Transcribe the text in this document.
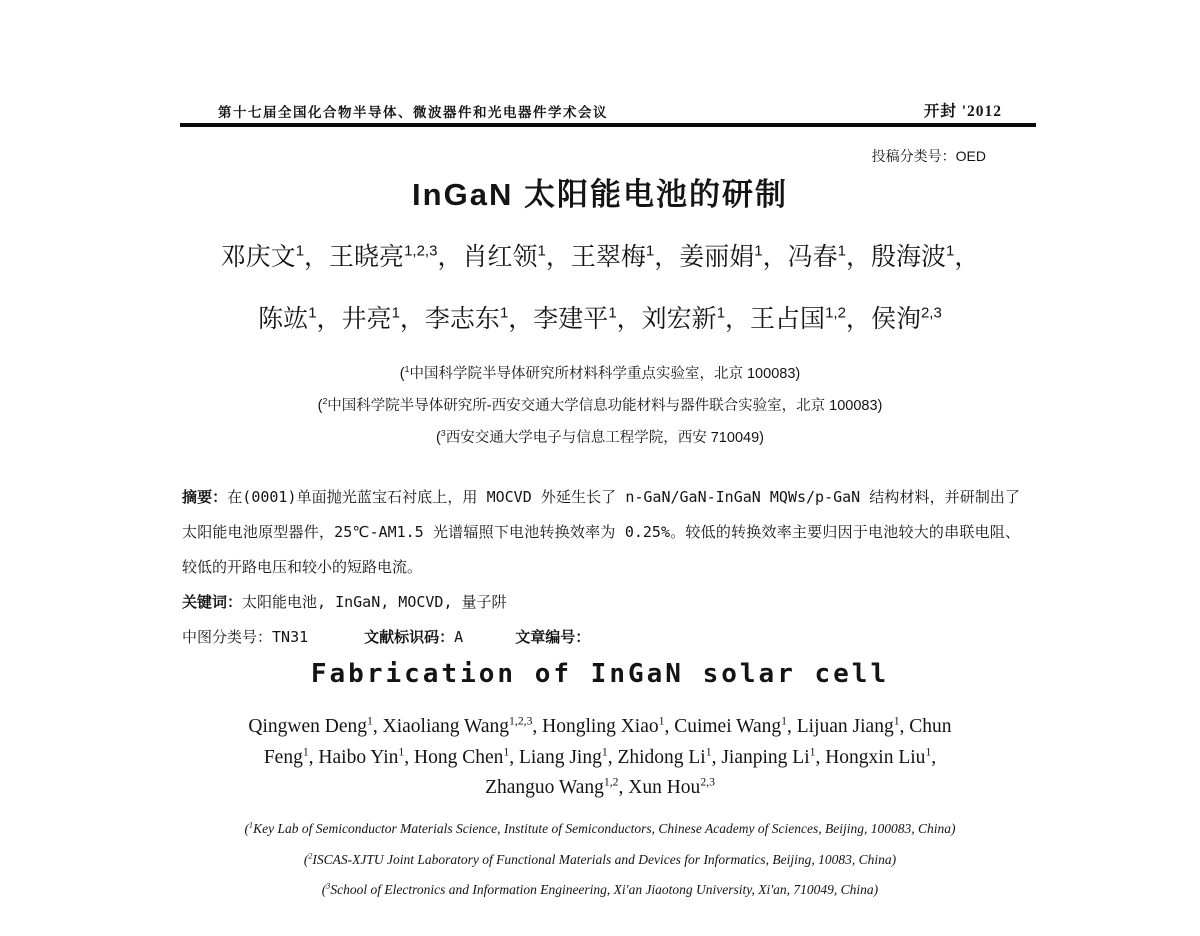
第十七届全国化合物半导体、微波器件和光电器件学术会议	开封 '2012
投稿分类号：OED
InGaN 太阳能电池的研制
邓庆文$^1$，王晓亮$^{1,2,3}$，肖红领$^1$，王翠梅$^1$，姜丽娟$^1$，冯春$^1$，殷海波$^1$，
陈竑$^1$，井亮$^1$，李志东$^1$，李建平$^1$，刘宏新$^1$，王占国$^{1,2}$，侯洵$^{2,3}$
($^1$中国科学院半导体研究所材料科学重点实验室，北京 100083)
($^2$中国科学院半导体研究所-西安交通大学信息功能材料与器件联合实验室，北京 100083)
($^3$西安交通大学电子与信息工程学院，西安 710049)

摘要：在(0001)单面抛光蓝宝石衬底上，用 MOCVD 外延生长了 n-GaN/GaN-InGaN MQWs/p-GaN 结构材料，并研制出了太阳能电池原型器件，25℃-AM1.5 光谱辐照下电池转换效率为 0.25%。较低的转换效率主要归因于电池较大的串联电阻、较低的开路电压和较小的短路电流。

关键词：太阳能电池, InGaN, MOCVD, 量子阱

中图分类号：TN31	文献标识码：A	文章编号：

Fabrication of InGaN solar cell
Qingwen Deng$^1$, Xiaoliang Wang$^{1,2,3}$, Hongling Xiao$^1$, Cuimei Wang$^1$, Lijuan Jiang$^1$, Chun
Feng$^1$, Haibo Yin$^1$, Hong Chen$^1$, Liang Jing$^1$, Zhidong Li$^1$, Jianping Li$^1$, Hongxin Liu$^1$,
Zhanguo Wang$^{1,2}$, Xun Hou$^{2,3}$
($^1$Key Lab of Semiconductor Materials Science, Institute of Semiconductors, Chinese Academy of Sciences, Beijing, 100083, China)
($^2$ISCAS-XJTU Joint Laboratory of Functional Materials and Devices for Informatics, Beijing, 10083, China)
($^3$School of Electronics and Information Engineering, Xi'an Jiaotong University, Xi'an, 710049, China)
